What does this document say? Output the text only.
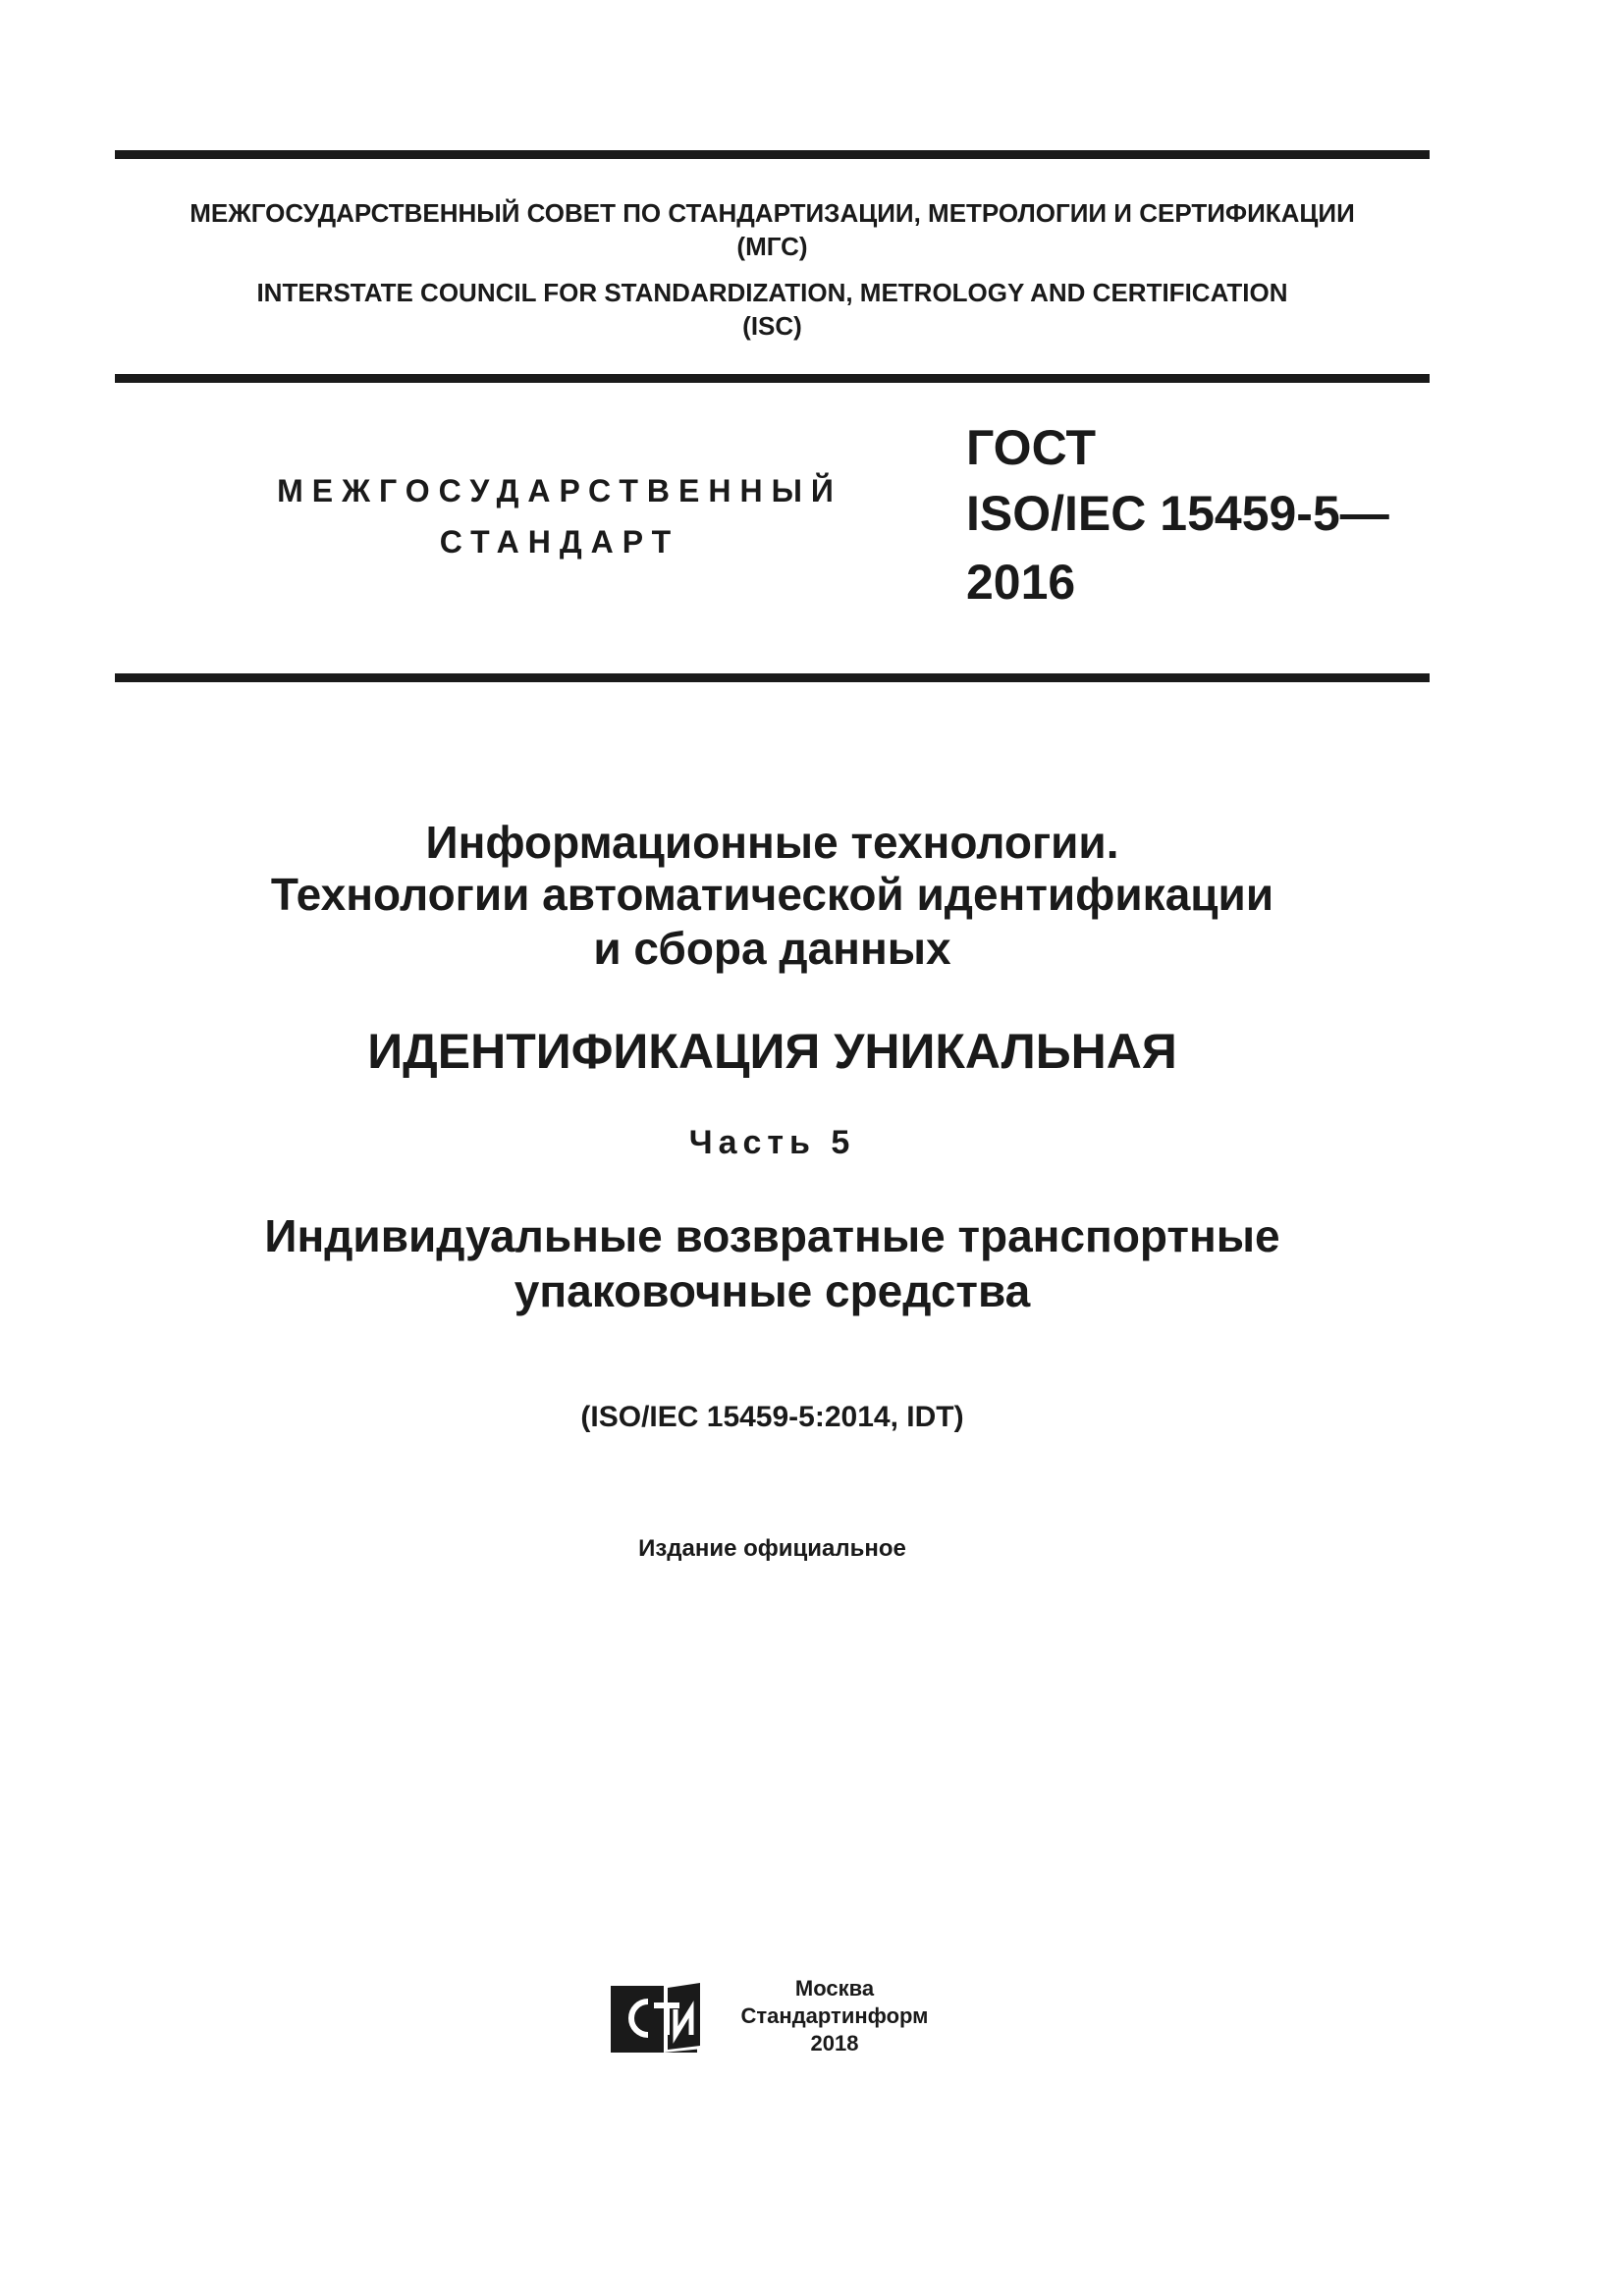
МЕЖГОСУДАРСТВЕННЫЙ СОВЕТ ПО СТАНДАРТИЗАЦИИ, МЕТРОЛОГИИ И СЕРТИФИКАЦИИ
(МГС)
INTERSTATE COUNCIL FOR STANDARDIZATION, METROLOGY AND CERTIFICATION
(ISC)
МЕЖГОСУДАРСТВЕННЫЙ
СТАНДАРТ
ГОСТ
ISO/IEC 15459-5—
2016
Информационные технологии.
Технологии автоматической идентификации
и сбора данных
ИДЕНТИФИКАЦИЯ УНИКАЛЬНАЯ
Часть 5
Индивидуальные возвратные транспортные
упаковочные средства
(ISO/IEC 15459-5:2014, IDT)
Издание официальное
Москва
Стандартинформ
2018
